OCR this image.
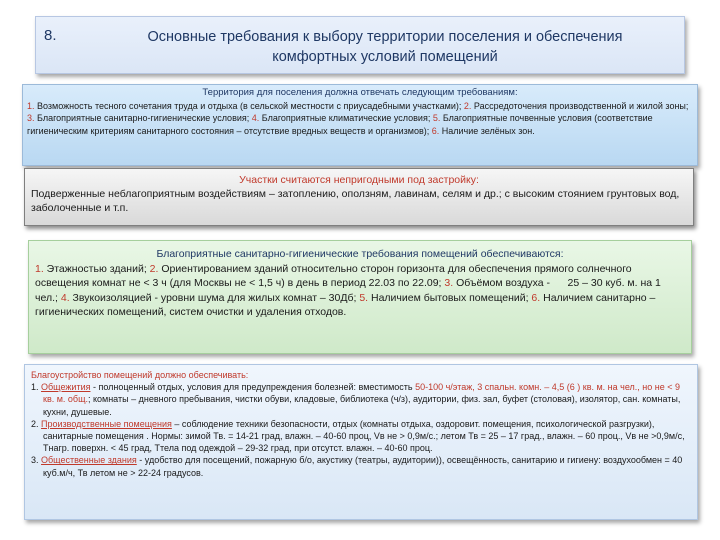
8.	Основные требования к выбору территории поселения и обеспечения
комфортных условий помещений
Территория для поселения должна отвечать следующим требованиям:
1. Возможность тесного сочетания труда и отдыха (в сельской местности с приусадебными участками); 2. Рассредоточения производственной и жилой зоны; 3. Благоприятные санитарно-гигиенические условия; 4. Благоприятные климатические условия; 5. Благоприятные почвенные условия (соответствие гигиеническим критериям санитарного состояния – отсутствие вредных веществ и организмов); 6. Наличие зелёных зон.
Участки считаются непригодными под застройку:
Подверженные неблагоприятным воздействиям – затоплению, оползням, лавинам, селям и др.; с высоким стоянием грунтовых вод, заболоченные и т.п.
Благоприятные санитарно-гигиенические требования помещений обеспечиваются:
1. Этажностью зданий; 2. Ориентированием зданий относительно сторон горизонта для обеспечения прямого солнечного освещения комнат не < 3 ч (для Москвы не < 1,5 ч) в день в период 22.03 по 22.09; 3. Объёмом воздуха -      25 – 30 куб. м. на 1 чел.; 4. Звукоизоляцией - уровни шума для жилых комнат – 30Дб; 5. Наличием бытовых помещений; 6. Наличием санитарно – гигиенических помещений, систем очистки и удаления отходов.
Благоустройство помещений должно обеспечивать:
1. Общежития - полноценный отдых, условия для предупреждения болезней: вместимость 50-100 ч/этаж, 3 спальн. комн. – 4,5 (6 ) кв. м. на чел., но не < 9 кв. м. общ.; комнаты – дневного пребывания, чистки обуви, кладовые, библиотека (ч/з), аудитории, физ. зал, буфет (столовая), изолятор, сан. комнаты, кухни, душевые.
2. Производственные помещения – соблюдение техники безопасности, отдых (комнаты отдыха, оздоровит. помещения, психологической разгрузки), санитарные помещения . Нормы: зимой Тв. = 14-21 град, влажн. – 40-60 проц, Vв не > 0,9м/с.; летом Тв = 25 – 17 град., влажн. – 60 проц., Vв не >0,9м/с, Тнагр. поверхн. < 45 град, Ттела под одеждой – 29-32 град, при отсутст. влажн. – 40-60 проц.
3. Общественные здания - удобство для посещений, пожарную б/о, акустику (театры, аудитории)), освещённость, санитарию и гигиену: воздухообмен = 40 куб.м/ч, Тв летом не > 22-24 градусов.
